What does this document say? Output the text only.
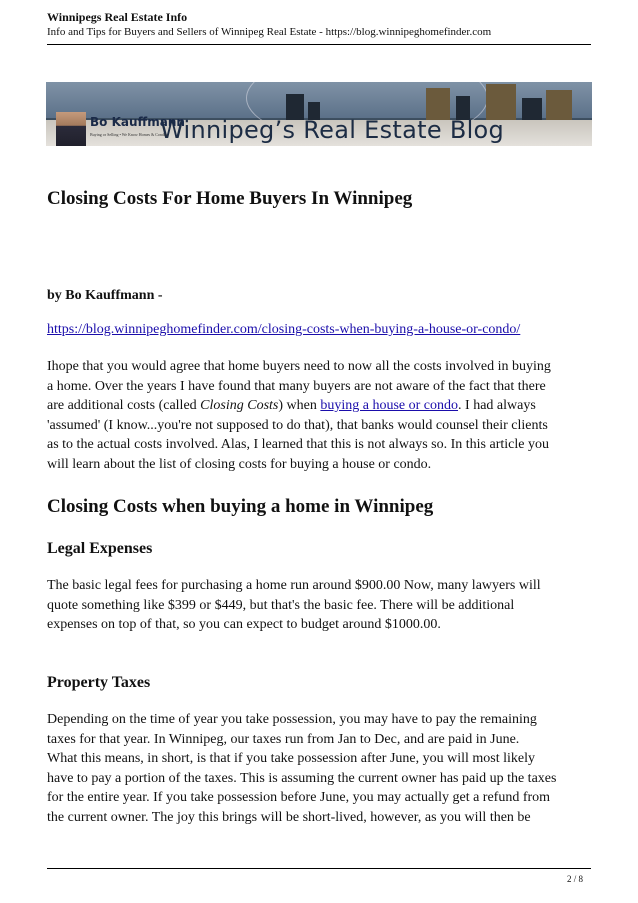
Winnipegs Real Estate Info
Info and Tips for Buyers and Sellers of Winnipeg Real Estate - https://blog.winnipeghomefinder.com
Winnipeg’s Real Estate Blog
Bo Kauffmann
Buying or Selling • We Know Homes & Condos
Closing Costs For Home Buyers In Winnipeg
by Bo Kauffmann -
https://blog.winnipeghomefinder.com/closing-costs-when-buying-a-house-or-condo/
Ihope that you would agree that home buyers need to now all the costs involved in buying
a home. Over the years I have found that many buyers are not aware of the fact that there
are additional costs (called Closing Costs) when buying a house or condo. I had always
'assumed' (I know...you're not supposed to do that), that banks would counsel their clients
as to the actual costs involved. Alas, I learned that this is not always so. In this article you
will learn about the list of closing costs for buying a house or condo.
Closing Costs when buying a home in Winnipeg
Legal Expenses
The basic legal fees for purchasing a home run around $900.00 Now, many lawyers will
quote something like $399 or $449, but that's the basic fee. There will be additional
expenses on top of that, so you can expect to budget around $1000.00.
Property Taxes
Depending on the time of year you take possession, you may have to pay the remaining
taxes for that year. In Winnipeg, our taxes run from Jan to Dec, and are paid in June.
What this means, in short, is that if you take possession after June, you will most likely
have to pay a portion of the taxes. This is assuming the current owner has paid up the taxes
for the entire year. If you take possession before June, you may actually get a refund from
the current owner. The joy this brings will be short-lived, however, as you will then be
2 / 8
